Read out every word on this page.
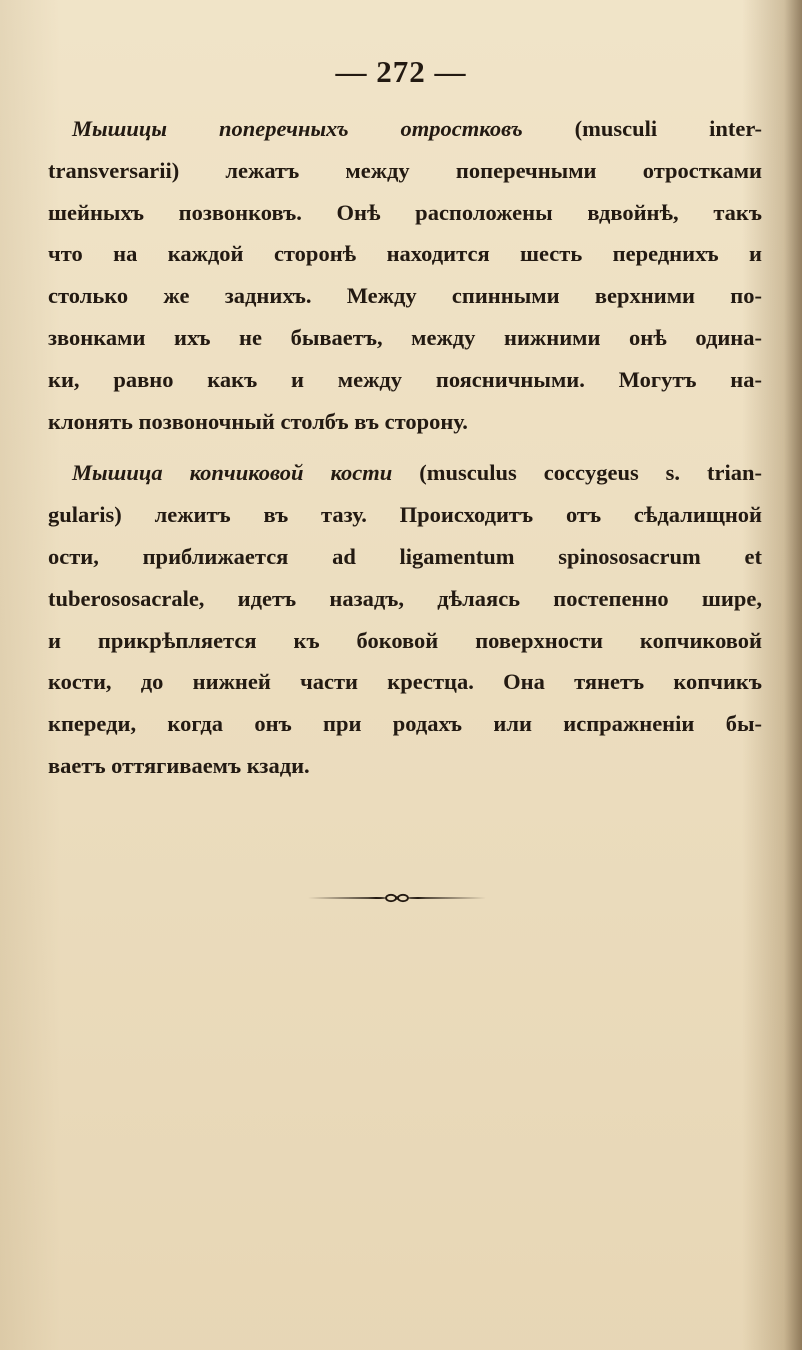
— 272 —

Мышицы поперечныхъ отростковъ (musculi inter-
transversarii) лежатъ между поперечными отростками
шейныхъ позвонковъ. Онѣ расположены вдвойнѣ, такъ
что на каждой сторонѣ находится шесть переднихъ и
столько же заднихъ. Между спинными верхними по-
звонками ихъ не бываетъ, между нижними онѣ одина-
ки, равно какъ и между поясничными. Могутъ на-
клонять позвоночный столбъ въ сторону.

Мышица копчиковой кости (musculus coccygeus s. trian-
gularis) лежитъ въ тазу. Происходитъ отъ сѣдалищной
ости, приближается ad ligamentum spinososacrum et
tuberososacrale, идетъ назадъ, дѣлаясь постепенно шире,
и прикрѣпляется къ боковой поверхности копчиковой
кости, до нижней части крестца. Она тянетъ копчикъ
кпереди, когда онъ при родахъ или испражненіи бы-
ваетъ оттягиваемъ кзади.
